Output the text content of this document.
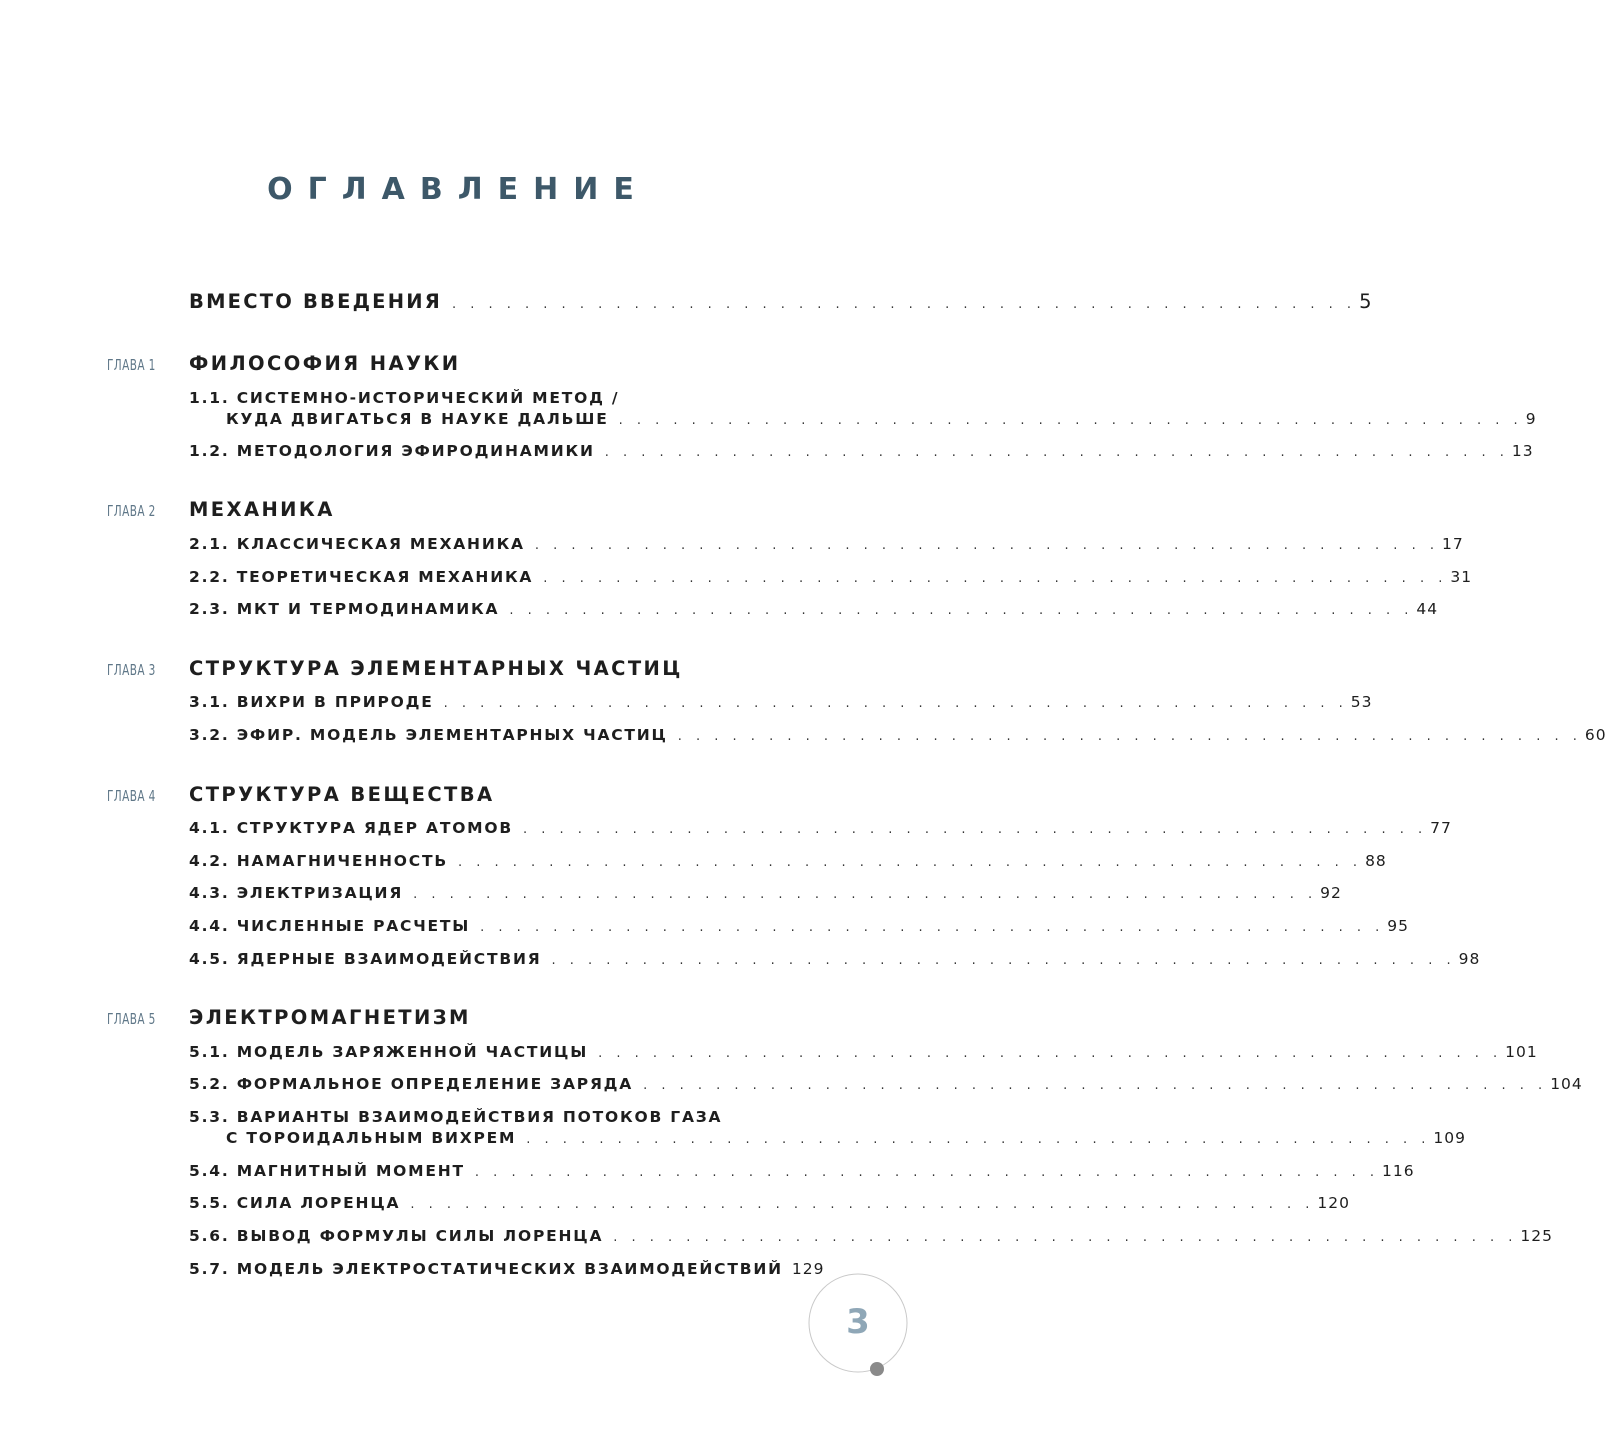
ОГЛАВЛЕНИЕ
ВМЕСТО ВВЕДЕНИЯ . . . . . . . . . . . . . . . . . . . . . . . . . . . . . . . . . . . . . . . . . . . . . . . . . . 5
ГЛАВА 1	ФИЛОСОФИЯ НАУКИ
1.1. СИСТЕМНО-ИСТОРИЧЕСКИЙ МЕТОД /
КУДА ДВИГАТЬСЯ В НАУКЕ ДАЛЬШЕ . . . . . . . . . . . . . . . . . . . . . . . . . . . . . . . . . . . . . . . . . . . . . . . . . . 9
1.2. МЕТОДОЛОГИЯ ЭФИРОДИНАМИКИ . . . . . . . . . . . . . . . . . . . . . . . . . . . . . . . . . . . . . . . . . . . . . . . . . . 13
ГЛАВА 2	МЕХАНИКА
2.1. КЛАССИЧЕСКАЯ МЕХАНИКА . . . . . . . . . . . . . . . . . . . . . . . . . . . . . . . . . . . . . . . . . . . . . . . . . . 17
2.2. ТЕОРЕТИЧЕСКАЯ МЕХАНИКА . . . . . . . . . . . . . . . . . . . . . . . . . . . . . . . . . . . . . . . . . . . . . . . . . . 31
2.3. МКТ И ТЕРМОДИНАМИКА . . . . . . . . . . . . . . . . . . . . . . . . . . . . . . . . . . . . . . . . . . . . . . . . . . 44
ГЛАВА 3	СТРУКТУРА ЭЛЕМЕНТАРНЫХ ЧАСТИЦ
3.1. ВИХРИ В ПРИРОДЕ . . . . . . . . . . . . . . . . . . . . . . . . . . . . . . . . . . . . . . . . . . . . . . . . . . 53
3.2. ЭФИР. МОДЕЛЬ ЭЛЕМЕНТАРНЫХ ЧАСТИЦ . . . . . . . . . . . . . . . . . . . . . . . . . . . . . . . . . . . . . . . . . . . . . . . . . . 60
ГЛАВА 4	СТРУКТУРА ВЕЩЕСТВА
4.1. СТРУКТУРА ЯДЕР АТОМОВ . . . . . . . . . . . . . . . . . . . . . . . . . . . . . . . . . . . . . . . . . . . . . . . . . . 77
4.2. НАМАГНИЧЕННОСТЬ . . . . . . . . . . . . . . . . . . . . . . . . . . . . . . . . . . . . . . . . . . . . . . . . . . 88
4.3. ЭЛЕКТРИЗАЦИЯ . . . . . . . . . . . . . . . . . . . . . . . . . . . . . . . . . . . . . . . . . . . . . . . . . . 92
4.4. ЧИСЛЕННЫЕ РАСЧЕТЫ . . . . . . . . . . . . . . . . . . . . . . . . . . . . . . . . . . . . . . . . . . . . . . . . . . 95
4.5. ЯДЕРНЫЕ ВЗАИМОДЕЙСТВИЯ . . . . . . . . . . . . . . . . . . . . . . . . . . . . . . . . . . . . . . . . . . . . . . . . . . 98
ГЛАВА 5	ЭЛЕКТРОМАГНЕТИЗМ
5.1. МОДЕЛЬ ЗАРЯЖЕННОЙ ЧАСТИЦЫ . . . . . . . . . . . . . . . . . . . . . . . . . . . . . . . . . . . . . . . . . . . . . . . . . . 101
5.2. ФОРМАЛЬНОЕ ОПРЕДЕЛЕНИЕ ЗАРЯДА . . . . . . . . . . . . . . . . . . . . . . . . . . . . . . . . . . . . . . . . . . . . . . . . . . 104
5.3. ВАРИАНТЫ ВЗАИМОДЕЙСТВИЯ ПОТОКОВ ГАЗА
С ТОРОИДАЛЬНЫМ ВИХРЕМ . . . . . . . . . . . . . . . . . . . . . . . . . . . . . . . . . . . . . . . . . . . . . . . . . . 109
5.4. МАГНИТНЫЙ МОМЕНТ . . . . . . . . . . . . . . . . . . . . . . . . . . . . . . . . . . . . . . . . . . . . . . . . . . 116
5.5. СИЛА ЛОРЕНЦА . . . . . . . . . . . . . . . . . . . . . . . . . . . . . . . . . . . . . . . . . . . . . . . . . . 120
5.6. ВЫВОД ФОРМУЛЫ СИЛЫ ЛОРЕНЦА . . . . . . . . . . . . . . . . . . . . . . . . . . . . . . . . . . . . . . . . . . . . . . . . . . 125
5.7. МОДЕЛЬ ЭЛЕКТРОСТАТИЧЕСКИХ ВЗАИМОДЕЙСТВИЙ 129
3
